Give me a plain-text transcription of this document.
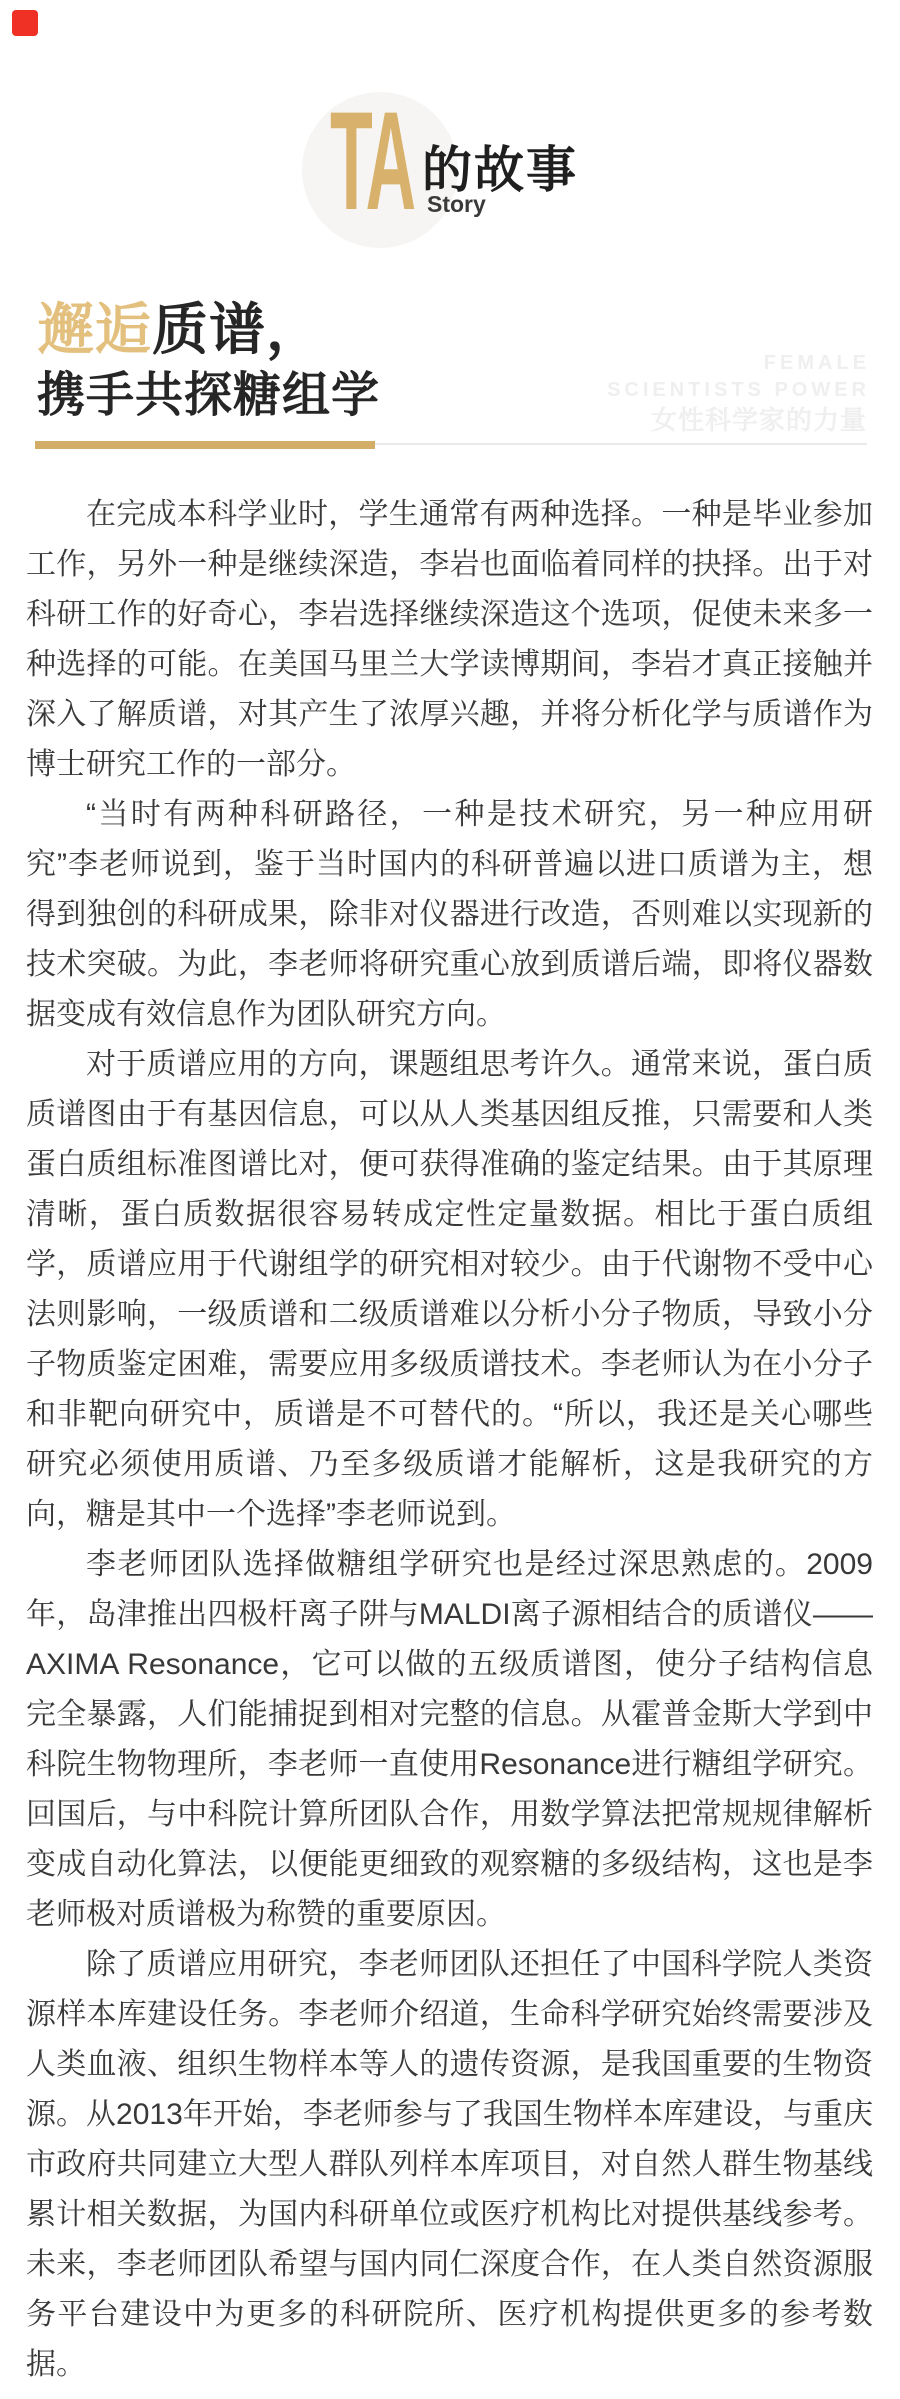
TA 的故事
Story
FEMALE
SCIENTISTS POWER
女性科学家的力量
邂逅质谱，
携手共探糖组学

在完成本科学业时，学生通常有两种选择。一种是毕业参加工作，另外一种是继续深造，李岩也面临着同样的抉择。出于对科研工作的好奇心，李岩选择继续深造这个选项，促使未来多一种选择的可能。在美国马里兰大学读博期间，李岩才真正接触并深入了解质谱，对其产生了浓厚兴趣，并将分析化学与质谱作为博士研究工作的一部分。

“当时有两种科研路径，一种是技术研究，另一种应用研究”李老师说到，鉴于当时国内的科研普遍以进口质谱为主，想得到独创的科研成果，除非对仪器进行改造，否则难以实现新的技术突破。为此，李老师将研究重心放到质谱后端，即将仪器数据变成有效信息作为团队研究方向。

对于质谱应用的方向，课题组思考许久。通常来说，蛋白质质谱图由于有基因信息，可以从人类基因组反推，只需要和人类蛋白质组标准图谱比对，便可获得准确的鉴定结果。由于其原理清晰，蛋白质数据很容易转成定性定量数据。相比于蛋白质组学，质谱应用于代谢组学的研究相对较少。由于代谢物不受中心法则影响，一级质谱和二级质谱难以分析小分子物质，导致小分子物质鉴定困难，需要应用多级质谱技术。李老师认为在小分子和非靶向研究中，质谱是不可替代的。“所以，我还是关心哪些研究必须使用质谱、乃至多级质谱才能解析，这是我研究的方向，糖是其中一个选择”李老师说到。

李老师团队选择做糖组学研究也是经过深思熟虑的。2009年，岛津推出四极杆离子阱与MALDI离子源相结合的质谱仪——AXIMA Resonance，它可以做的五级质谱图，使分子结构信息完全暴露，人们能捕捉到相对完整的信息。从霍普金斯大学到中科院生物物理所，李老师一直使用Resonance进行糖组学研究。回国后，与中科院计算所团队合作，用数学算法把常规规律解析变成自动化算法，以便能更细致的观察糖的多级结构，这也是李老师极对质谱极为称赞的重要原因。

除了质谱应用研究，李老师团队还担任了中国科学院人类资源样本库建设任务。李老师介绍道，生命科学研究始终需要涉及人类血液、组织生物样本等人的遗传资源，是我国重要的生物资源。从2013年开始，李老师参与了我国生物样本库建设，与重庆市政府共同建立大型人群队列样本库项目，对自然人群生物基线累计相关数据，为国内科研单位或医疗机构比对提供基线参考。未来，李老师团队希望与国内同仁深度合作，在人类自然资源服务平台建设中为更多的科研院所、医疗机构提供更多的参考数据。
